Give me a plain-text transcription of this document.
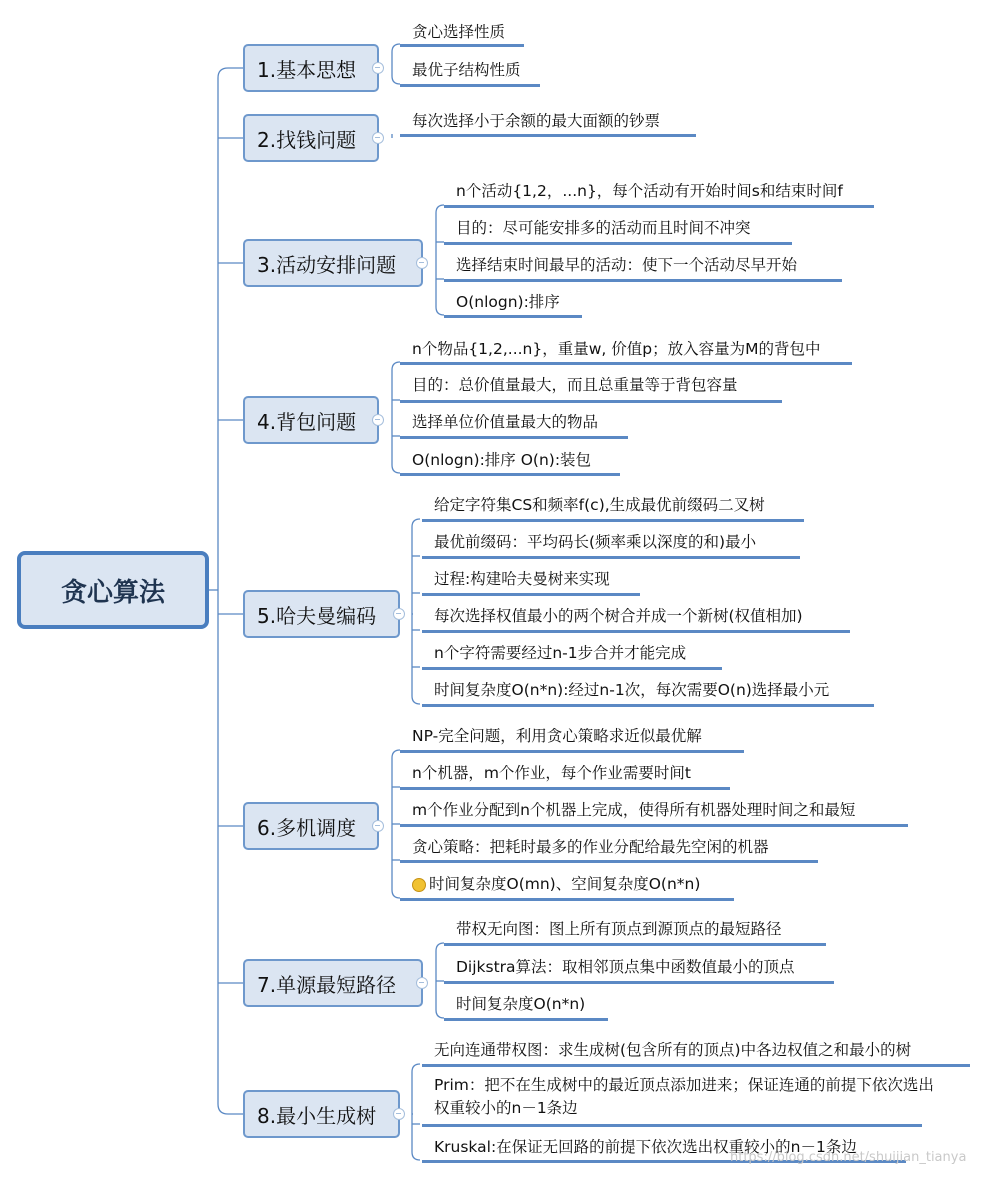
贪心算法
1.基本思想
2.找钱问题
3.活动安排问题
4.背包问题
5.哈夫曼编码
6.多机调度
7.单源最短路径
8.最小生成树
贪心选择性质
最优子结构性质
每次选择小于余额的最大面额的钞票
n个活动{1,2，...n}，每个活动有开始时间s和结束时间f
目的：尽可能安排多的活动而且时间不冲突
选择结束时间最早的活动：使下一个活动尽早开始
O(nlogn):排序
n个物品{1,2,...n}，重量w, 价值p；放入容量为M的背包中
目的：总价值量最大，而且总重量等于背包容量
选择单位价值量最大的物品
O(nlogn):排序 O(n):装包
给定字符集CS和频率f(c),生成最优前缀码二叉树
最优前缀码：平均码长(频率乘以深度的和)最小
过程:构建哈夫曼树来实现
每次选择权值最小的两个树合并成一个新树(权值相加)
n个字符需要经过n-1步合并才能完成
时间复杂度O(n*n):经过n-1次，每次需要O(n)选择最小元
NP-完全问题，利用贪心策略求近似最优解
n个机器，m个作业，每个作业需要时间t
m个作业分配到n个机器上完成，使得所有机器处理时间之和最短
贪心策略：把耗时最多的作业分配给最先空闲的机器
时间复杂度O(mn)、空间复杂度O(n*n)
带权无向图：图上所有顶点到源顶点的最短路径
Dijkstra算法：取相邻顶点集中函数值最小的顶点
时间复杂度O(n*n)
无向连通带权图：求生成树(包含所有的顶点)中各边权值之和最小的树
Prim：把不在生成树中的最近顶点添加进来；保证连通的前提下依次选出权重较小的n－1条边
Kruskal:在保证无回路的前提下依次选出权重较小的n－1条边
https://blog.csdn.net/shuijian_tianya
